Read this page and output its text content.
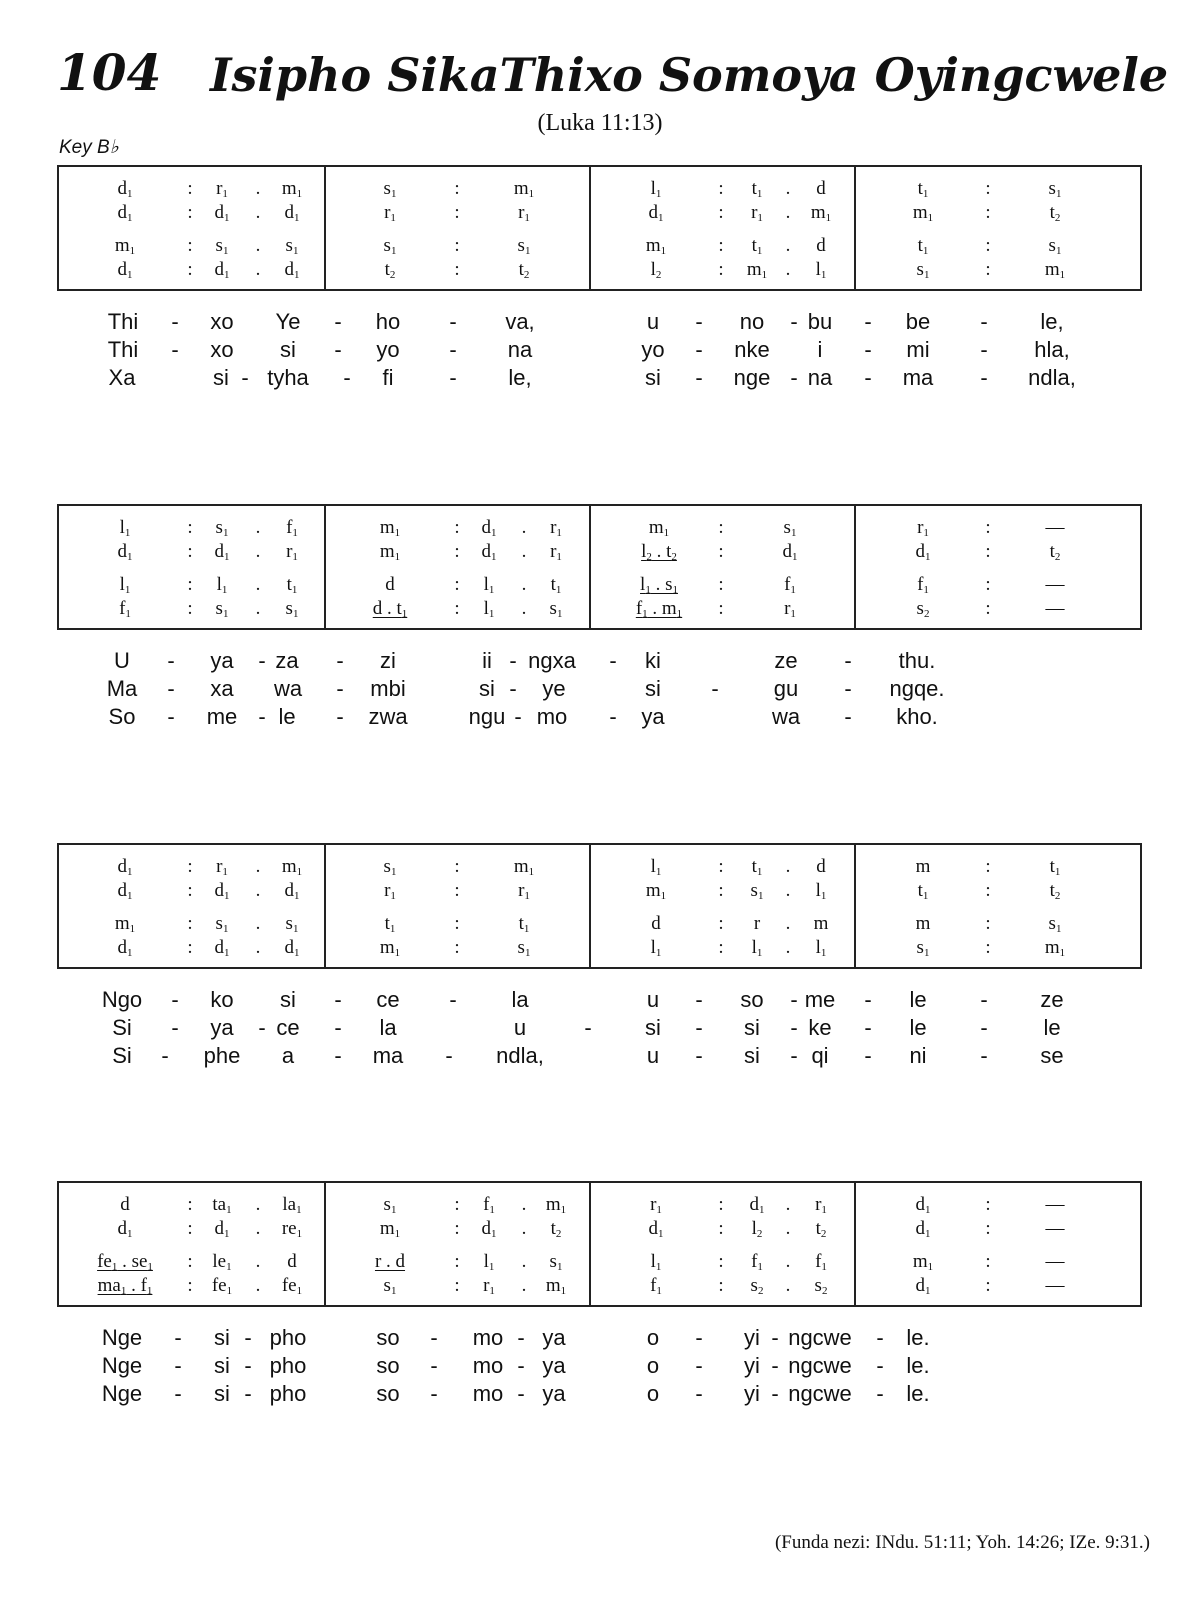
104 Isipho SikaThixo Somoya Oyingcwele
(Luka 11:13)
Key B♭
$d_1$	:	$r_1$	.	$m_1$	$s_1$	:	$m_1$	$l_1$	:	$t_1$	.	d	$t_1$	:	$s_1$
$d_1$	:	$d_1$	.	$d_1$	$r_1$	:	$r_1$	$d_1$	:	$r_1$	.	$m_1$	$m_1$	:	$t_2$
$m_1$	:	$s_1$	.	$s_1$	$s_1$	:	$s_1$	$m_1$	:	$t_1$	.	d	$t_1$	:	$s_1$
$d_1$	:	$d_1$	.	$d_1$	$t_2$	:	$t_2$	$l_2$	:	$m_1$ .	$l_1$	$s_1$	:	$m_1$
Thi	-	xo	Ye	-	ho	-	va,	u	-	no	- bu	-	be	-	le,
Thi	-	xo	si	-	yo	-	na	yo	-	nke	i	-	mi	-	hla,
Xa	si - tyha	-	fi	-	le,	si	-	nge - na	-	ma	-	ndla,
$l_1$	:	$s_1$	.	$f_1$	$m_1$	:	$d_1$	.	$r_1$	$m_1$	:	$s_1$	$r_1$	:	—
$d_1$	:	$d_1$	.	$r_1$	$m_1$	:	$d_1$	.	$r_1$	$l_2$ . $t_2$	:	$d_1$	$d_1$	:	$t_2$
$l_1$	:	$l_1$	.	$t_1$	d	:	$l_1$	.	$t_1$	$l_1$ . $s_1$	:	$f_1$	$f_1$	:	—
$f_1$	:	$s_1$	.	$s_1$	d . $t_1$	:	$l_1$	.	$s_1$	$f_1$ . $m_1$	:	$r_1$	$s_2$	:	—
U	-	ya	- za	-	zi	ii - ngxa	-	ki	ze	-	thu.
Ma	-	xa	wa	-	mbi	si -	ye	si	-	gu	-	ngqe.
So	-	me - le	-	zwa	ngu - mo	-	ya	wa	-	kho.
$d_1$	:	$r_1$	.	$m_1$	$s_1$	:	$m_1$	$l_1$	:	$t_1$	.	d	m	:	$t_1$
$d_1$	:	$d_1$	.	$d_1$	$r_1$	:	$r_1$	$m_1$	:	$s_1$	.	$l_1$	$t_1$	:	$t_2$
$m_1$	:	$s_1$	.	$s_1$	$t_1$	:	$t_1$	d	:	r	.	m	m	:	$s_1$
$d_1$	:	$d_1$	.	$d_1$	$m_1$	:	$s_1$	$l_1$	:	$l_1$	.	$l_1$	$s_1$	:	$m_1$
Ngo	-	ko	si	-	ce	-	la	u	-	so	- me	-	le	-	ze
Si	-	ya	- ce	-	la	u	-	si	-	si	- ke	-	le	-	le
Si	-	phe	a	-	ma	-	ndla,	u	-	si	- qi	-	ni	-	se
d	:	$ta_1$	.	$la_1$	$s_1$	:	$f_1$	.	$m_1$	$r_1$	:	$d_1$	.	$r_1$	$d_1$	:	—
$d_1$	:	$d_1$	.	$re_1$	$m_1$	:	$d_1$	.	$t_2$	$d_1$	:	$l_2$	.	$t_2$	$d_1$	:	—
$fe_1$ . $se_1$	:	$le_1$	.	d	r . d	:	$l_1$	.	$s_1$	$l_1$	:	$f_1$	.	$f_1$	$m_1$	:	—
$ma_1$ . $f_1$	:	$fe_1$	.	$fe_1$	$s_1$	:	$r_1$	.	$m_1$	$f_1$	:	$s_2$	.	$s_2$	$d_1$	:	—
Nge	-	si - pho	so	-	mo - ya	o	-	yi - ngcwe	-	le.
Nge	-	si - pho	so	-	mo - ya	o	-	yi - ngcwe	-	le.
Nge	-	si - pho	so	-	mo - ya	o	-	yi - ngcwe	-	le.
(Funda nezi: INdu. 51:11; Yoh. 14:26; IZe. 9:31.)
